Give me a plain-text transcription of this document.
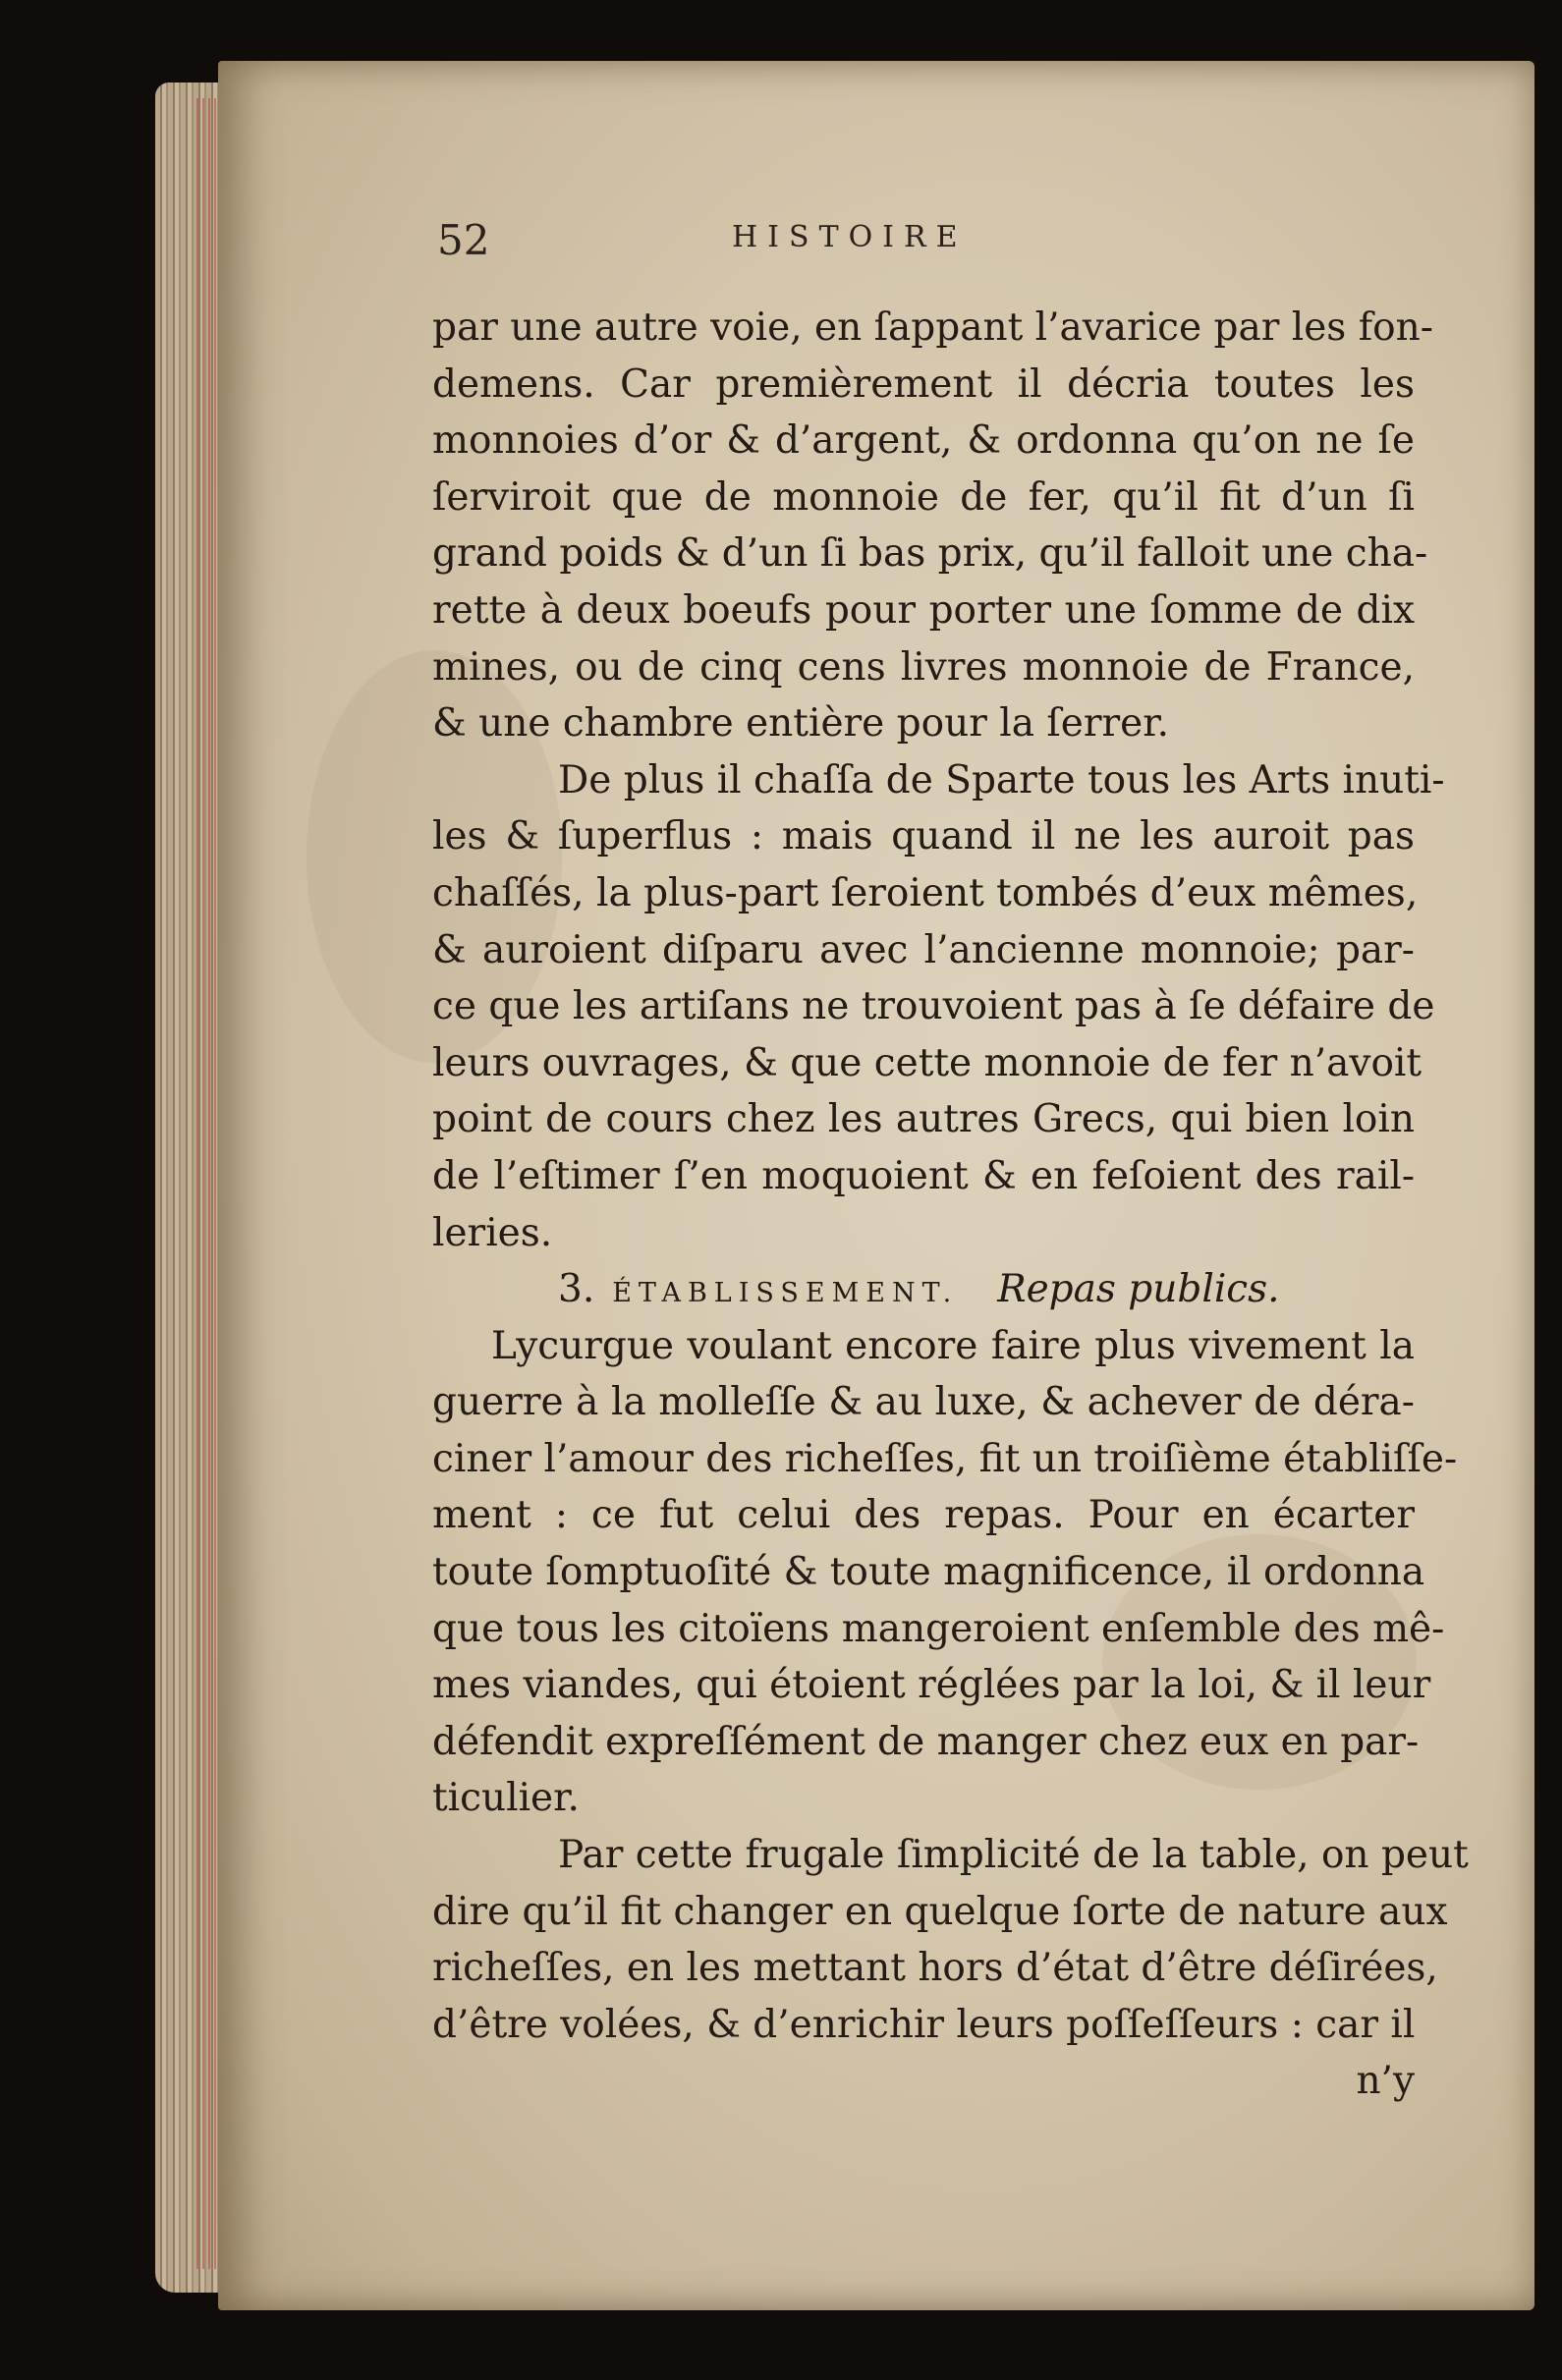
52	HISTOIRE
par une autre voie, en ſappant l’avarice par les fon-
demens. Car premièrement il décria toutes les
monnoies d’or & d’argent, & ordonna qu’on ne ſe
ſerviroit que de monnoie de fer, qu’il fit d’un ſi
grand poids & d’un ſi bas prix, qu’il falloit une cha-
rette à deux boeufs pour porter une ſomme de dix
mines, ou de cinq cens livres monnoie de France,
& une chambre entière pour la ſerrer.
De plus il chaſſa de Sparte tous les Arts inuti-
les & ſuperflus : mais quand il ne les auroit pas
chaſſés, la plus-part ſeroient tombés d’eux mêmes,
& auroient diſparu avec l’ancienne monnoie; par-
ce que les artiſans ne trouvoient pas à ſe défaire de
leurs ouvrages, & que cette monnoie de fer n’avoit
point de cours chez les autres Grecs, qui bien loin
de l’eſtimer ſ’en moquoient & en feſoient des rail-
leries.
3. ÉTABLISSEMENT. Repas publics.
Lycurgue voulant encore faire plus vivement la
guerre à la molleſſe & au luxe, & achever de déra-
ciner l’amour des richeſſes, fit un troiſième établiſſe-
ment : ce fut celui des repas. Pour en écarter
toute ſomptuoſité & toute magnificence, il ordonna
que tous les citoïens mangeroient enſemble des mê-
mes viandes, qui étoient réglées par la loi, & il leur
défendit expreſſément de manger chez eux en par-
ticulier.
Par cette frugale ſimplicité de la table, on peut
dire qu’il fit changer en quelque ſorte de nature aux
richeſſes, en les mettant hors d’état d’être déſirées,
d’être volées, & d’enrichir leurs poſſeſſeurs : car il
n’y
